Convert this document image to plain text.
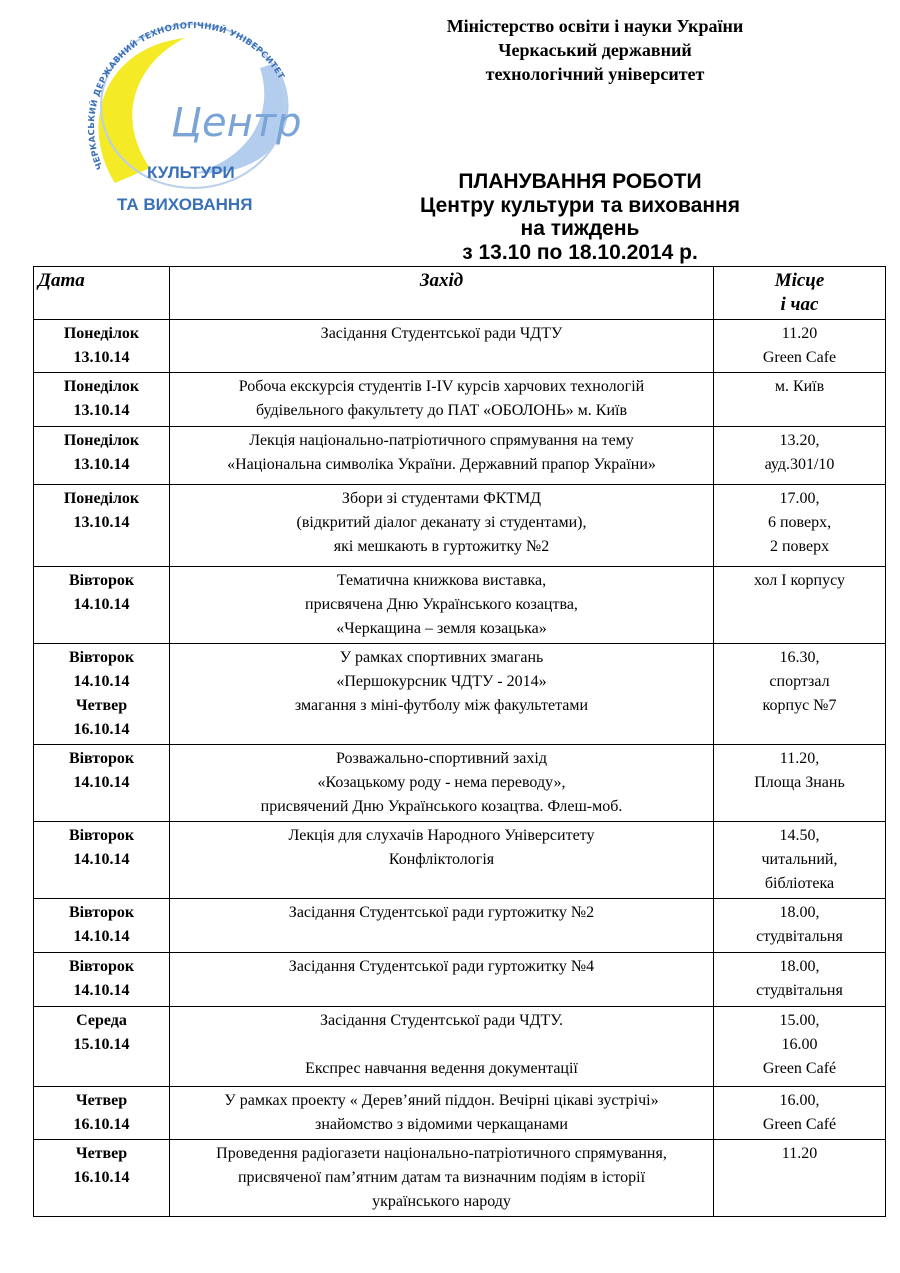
ЧЕРКАСЬКИЙ ДЕРЖАВНИЙ ТЕХНОЛОГІЧНИЙ УНІВЕРСИТЕТ
Центр
КУЛЬТУРИ
ТА ВИХОВАННЯ
Міністерство освіти і науки України
Черкаський державний
технологічний університет
ПЛАНУВАННЯ РОБОТИ
Центру культури та виховання
на тиждень
з 13.10 по 18.10.2014 р.
Дата	Захід	Місце
і час

Понеділок
13.10.14	Засідання Студентської ради ЧДТУ	11.20
Green Cafe

Понеділок
13.10.14	Робоча екскурсія студентів І-IV курсів харчових технологій
будівельного факультету до ПАТ «ОБОЛОНЬ» м. Київ	м. Київ

Понеділок
13.10.14	Лекція національно-патріотичного спрямування на тему
«Національна символіка України. Державний прапор України»	13.20,
ауд.301/10

Понеділок
13.10.14	Збори зі студентами ФКТМД
(відкритий діалог деканату зі студентами),
які мешкають в гуртожитку №2	17.00,
6 поверх,
2 поверх

Вівторок
14.10.14	Тематична книжкова виставка,
присвячена Дню Українського козацтва,
«Черкащина – земля козацька»	хол І корпусу

Вівторок
14.10.14
Четвер
16.10.14	У рамках спортивних змагань
«Першокурсник ЧДТУ - 2014»
змагання з міні-футболу між факультетами	16.30,
спортзал
корпус №7

Вівторок
14.10.14	Розважально-спортивний захід
«Козацькому роду - нема переводу»,
присвячений Дню Українського козацтва. Флеш-моб.	11.20,
Площа Знань

Вівторок
14.10.14	Лекція для слухачів Народного Університету
Конфліктологія	14.50,
читальний,
бібліотека

Вівторок
14.10.14	Засідання Студентської ради гуртожитку №2	18.00,
студвітальня

Вівторок
14.10.14	Засідання Студентської ради гуртожитку №4	18.00,
студвітальня

Середа
15.10.14	Засідання Студентської ради ЧДТУ.

Експрес навчання ведення документації	15.00,
16.00
Green Café

Четвер
16.10.14	У рамках проекту « Дерев’яний піддон. Вечірні цікаві зустрічі»
знайомство з відомими черкащанами	16.00,
Green Café

Четвер
16.10.14	Проведення радіогазети національно-патріотичного спрямування,
присвяченої пам’ятним датам та визначним подіям в історії
українського народу	11.20
